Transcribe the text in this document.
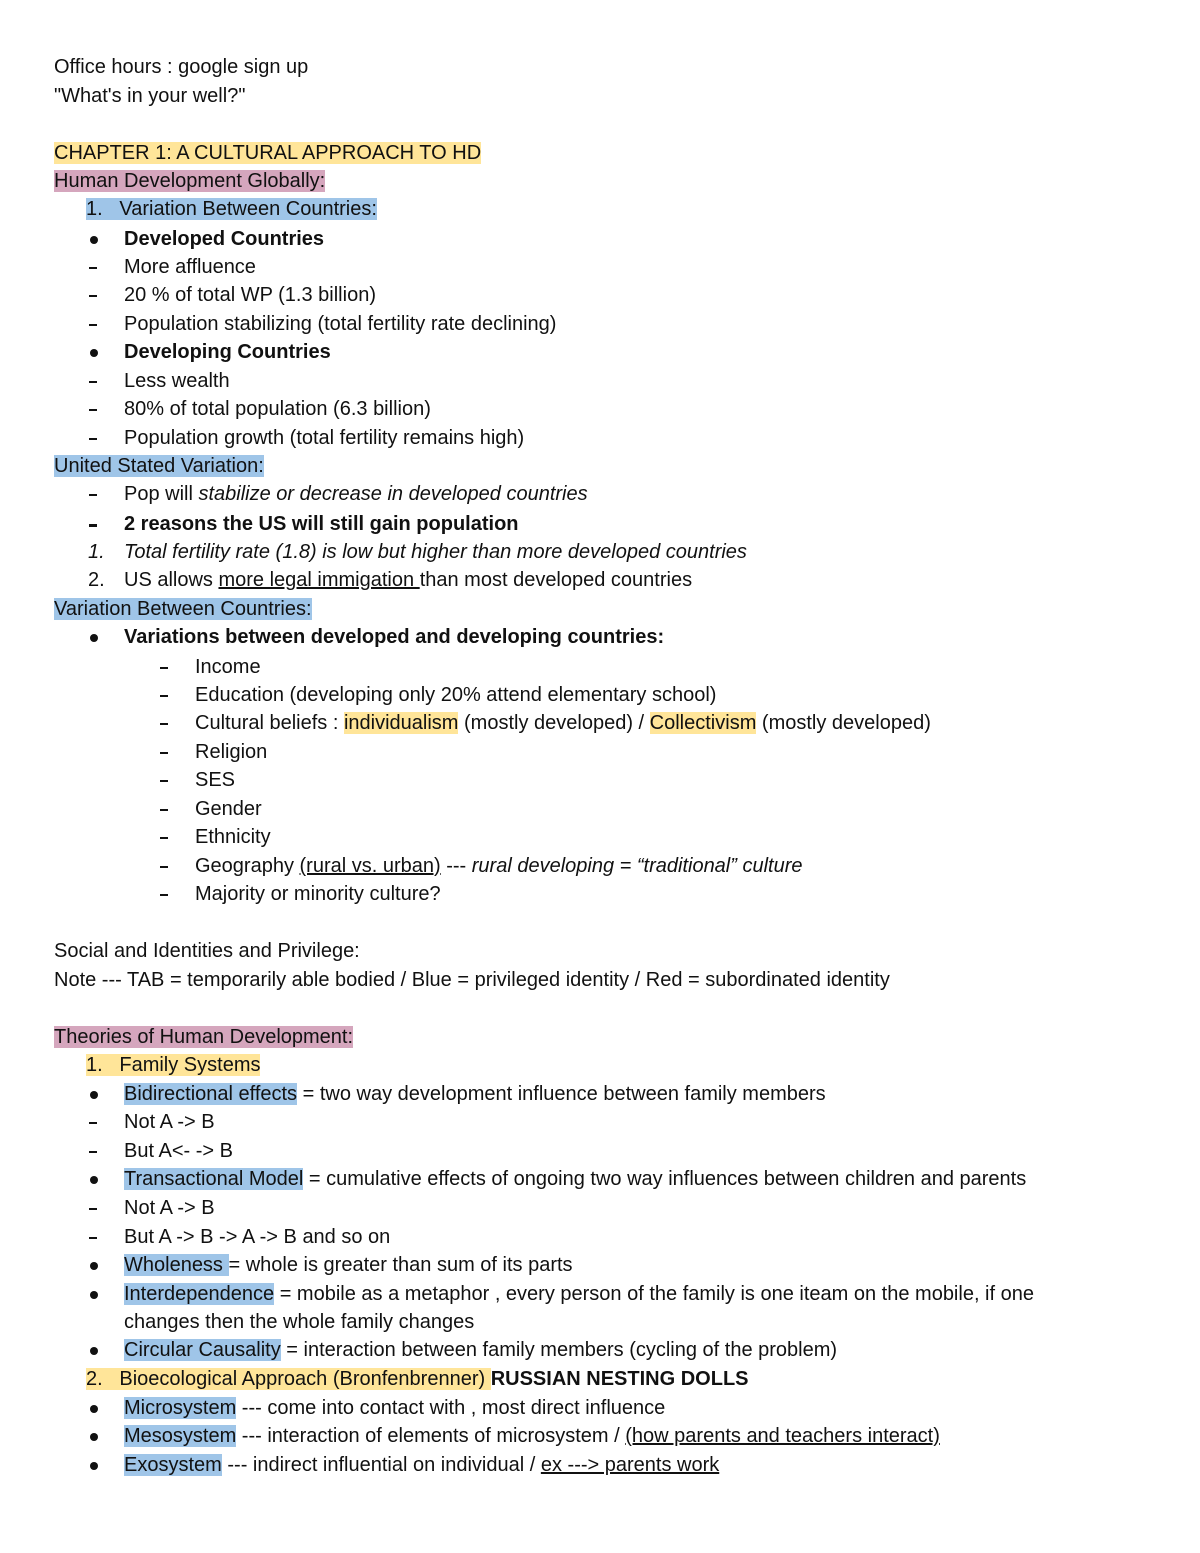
Office hours : google sign up
"What's in your well?"
CHAPTER 1: A CULTURAL APPROACH TO HD
Human Development Globally:
1. Variation Between Countries:
Developed Countries
More affluence
20 % of total WP (1.3 billion)
Population stabilizing (total fertility rate declining)
Developing Countries
Less wealth
80% of total population (6.3 billion)
Population growth (total fertility remains high)
United Stated Variation:
Pop will stabilize or decrease in developed countries
2 reasons the US will still gain population
1. Total fertility rate (1.8) is low but higher than more developed countries
2. US allows more legal immigation than most developed countries
Variation Between Countries:
Variations between developed and developing countries:
Income
Education (developing only 20% attend elementary school)
Cultural beliefs : individualism (mostly developed) / Collectivism (mostly developed)
Religion
SES
Gender
Ethnicity
Geography (rural vs. urban) --- rural developing = “traditional” culture
Majority or minority culture?
Social and Identities and Privilege:
Note --- TAB = temporarily able bodied / Blue = privileged identity / Red = subordinated identity
Theories of Human Development:
1. Family Systems
Bidirectional effects = two way development influence between family members
Not A -> B
But A<- -> B
Transactional Model = cumulative effects of ongoing two way influences between children and parents
Not A -> B
But A -> B -> A -> B and so on
Wholeness = whole is greater than sum of its parts
Interdependence = mobile as a metaphor , every person of the family is one iteam on the mobile, if one
changes then the whole family changes
Circular Causality = interaction between family members (cycling of the problem)
2. Bioecological Approach (Bronfenbrenner) RUSSIAN NESTING DOLLS
Microsystem --- come into contact with , most direct influence
Mesosystem --- interaction of elements of microsystem / (how parents and teachers interact)
Exosystem --- indirect influential on individual / ex ---> parents work
